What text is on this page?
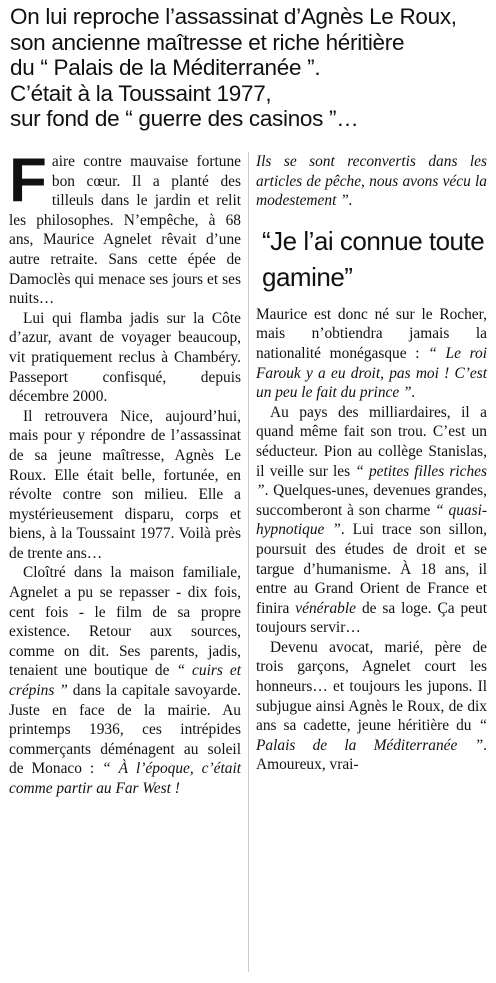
On lui reproche l’assassinat d’Agnès Le Roux,
son ancienne maîtresse et riche héritière
du “ Palais de la Méditerranée ”.
C’était à la Toussaint 1977,
sur fond de “ guerre des casinos ”…

Faire contre mauvaise fortune bon cœur. Il a planté des tilleuls dans le jardin et relit les philosophes. N’empêche, à 68 ans, Maurice Agnelet rêvait d’une autre retraite. Sans cette épée de Damoclès qui menace ses jours et ses nuits…

Lui qui flamba jadis sur la Côte d’azur, avant de voyager beaucoup, vit pratiquement reclus à Chambéry. Passeport confisqué, depuis décembre 2000.

Il retrouvera Nice, aujourd’hui, mais pour y répondre de l’assassinat de sa jeune maîtresse, Agnès Le Roux. Elle était belle, fortunée, en révolte contre son milieu. Elle a mystérieusement disparu, corps et biens, à la Toussaint 1977. Voilà près de trente ans…

Cloîtré dans la maison familiale, Agnelet a pu se repasser - dix fois, cent fois - le film de sa propre existence. Retour aux sources, comme on dit. Ses parents, jadis, tenaient une boutique de “ cuirs et crépins ” dans la capitale savoyarde. Juste en face de la mairie. Au printemps 1936, ces intrépides commerçants déménagent au soleil de Monaco : “ À l’époque, c’était comme partir au Far West !

Ils se sont reconvertis dans les articles de pêche, nous avons vécu la modestement ”.

“Je l’ai connue toute gamine”

Maurice est donc né sur le Rocher, mais n’obtiendra jamais la nationalité monégasque : “ Le roi Farouk y a eu droit, pas moi ! C’est un peu le fait du prince ”.

Au pays des milliardaires, il a quand même fait son trou. C’est un séducteur. Pion au collège Stanislas, il veille sur les “ petites filles riches ”. Quelques-unes, devenues grandes, succomberont à son charme “ quasi-hypnotique ”. Lui trace son sillon, poursuit des études de droit et se targue d’humanisme. À 18 ans, il entre au Grand Orient de France et finira vénérable de sa loge. Ça peut toujours servir…

Devenu avocat, marié, père de trois garçons, Agnelet court les honneurs… et toujours les jupons. Il subjugue ainsi Agnès le Roux, de dix ans sa cadette, jeune héritière du “ Palais de la Méditerranée ”. Amoureux, vrai-
